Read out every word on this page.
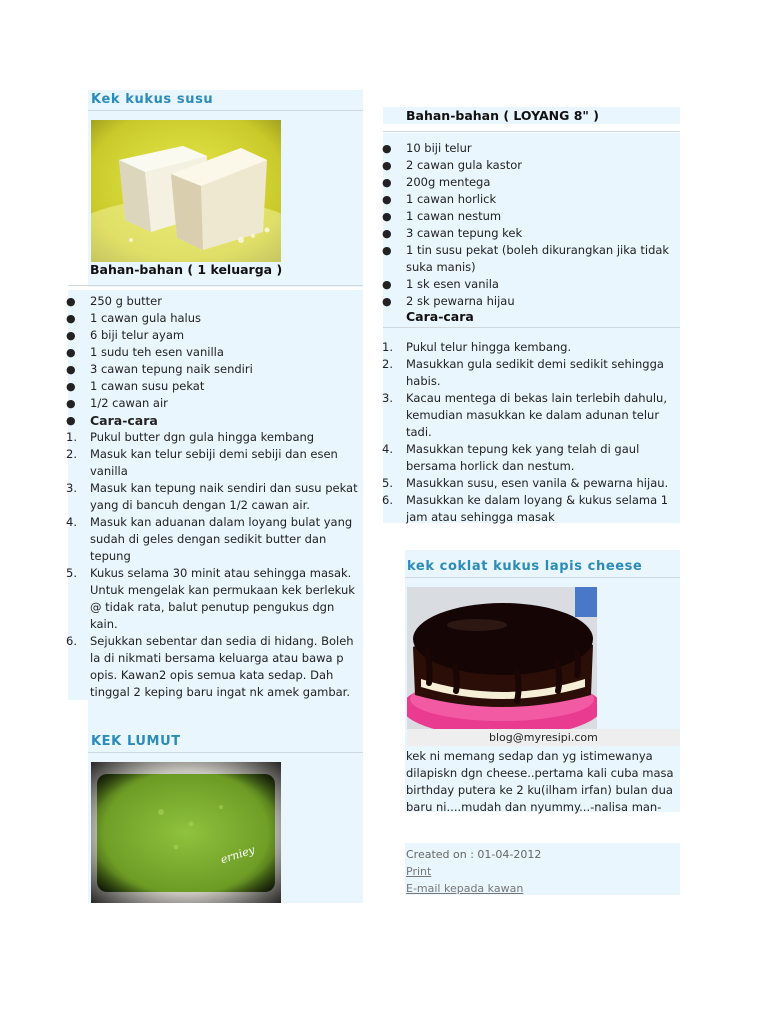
Kek kukus susu
Bahan-bahan ( 1 keluarga )
● 250 g butter
● 1 cawan gula halus
● 6 biji telur ayam
● 1 sudu teh esen vanilla
● 3 cawan tepung naik sendiri
● 1 cawan susu pekat
● 1/2 cawan air
● Cara-cara
1. Pukul butter dgn gula hingga kembang
2. Masuk kan telur sebiji demi sebiji dan esen vanilla
3. Masuk kan tepung naik sendiri dan susu pekat yang di bancuh dengan 1/2 cawan air.
4. Masuk kan aduanan dalam loyang bulat yang sudah di geles dengan sedikit butter dan tepung
5. Kukus selama 30 minit atau sehingga masak. Untuk mengelak kan permukaan kek berlekuk @ tidak rata, balut penutup pengukus dgn kain.
6. Sejukkan sebentar dan sedia di hidang. Boleh la di nikmati bersama keluarga atau bawa p opis. Kawan2 opis semua kata sedap. Dah tinggal 2 keping baru ingat nk amek gambar.
KEK LUMUT
erniey
Bahan-bahan ( LOYANG 8" )
● 10 biji telur
● 2 cawan gula kastor
● 200g mentega
● 1 cawan horlick
● 1 cawan nestum
● 3 cawan tepung kek
● 1 tin susu pekat (boleh dikurangkan jika tidak suka manis)
● 1 sk esen vanila
● 2 sk pewarna hijau
Cara-cara
1. Pukul telur hingga kembang.
2. Masukkan gula sedikit demi sedikit sehingga habis.
3. Kacau mentega di bekas lain terlebih dahulu, kemudian masukkan ke dalam adunan telur tadi.
4. Masukkan tepung kek yang telah di gaul bersama horlick dan nestum.
5. Masukkan susu, esen vanila & pewarna hijau.
6. Masukkan ke dalam loyang & kukus selama 1 jam atau sehingga masak
kek coklat kukus lapis cheese
blog@myresipi.com
kek ni memang sedap dan yg istimewanya dilapiskn dgn cheese..pertama kali cuba masa birthday putera ke 2 ku(ilham irfan) bulan dua baru ni....mudah dan nyummy...-nalisa man-
Created on : 01-04-2012
Print
E-mail kepada kawan
